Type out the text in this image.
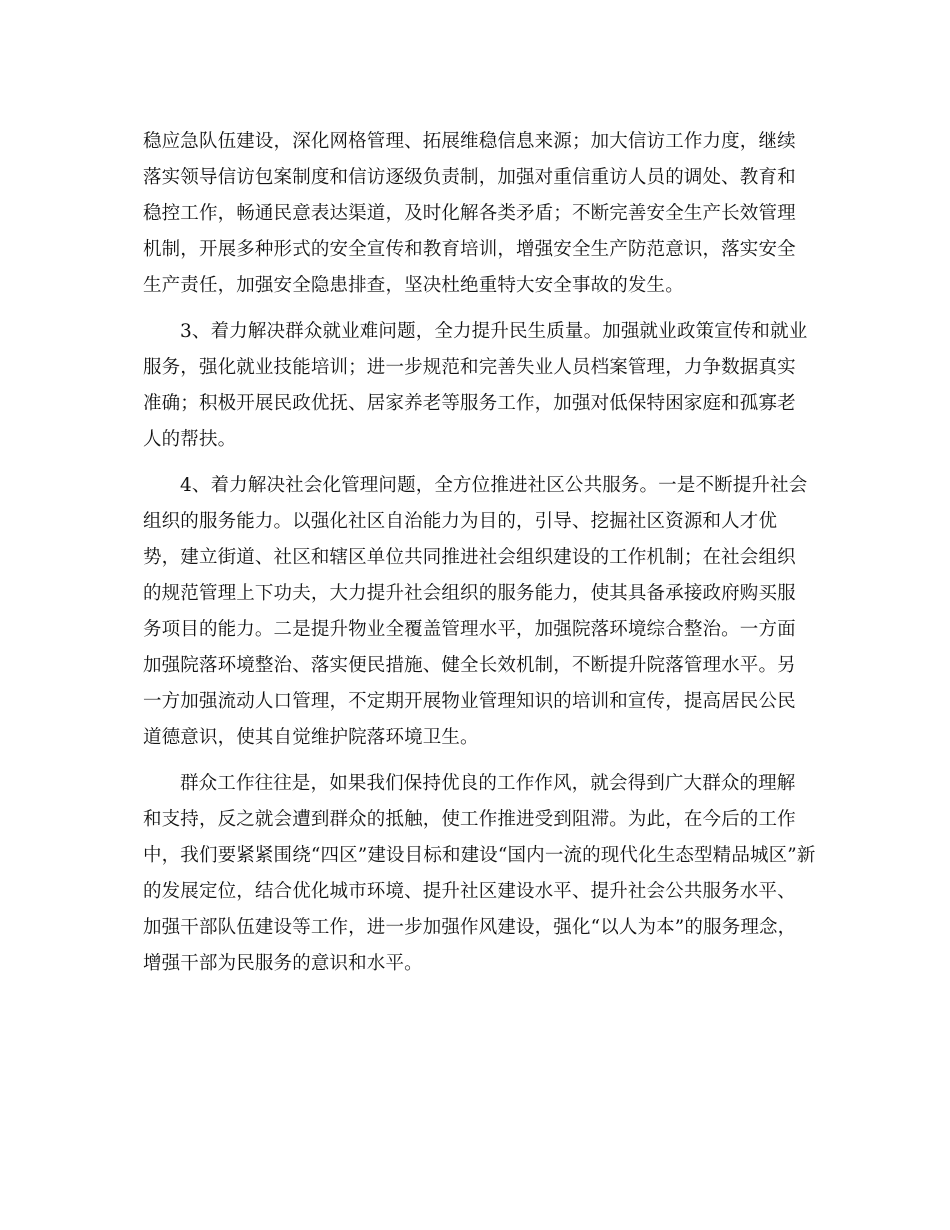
稳应急队伍建设，深化网格管理、拓展维稳信息来源；加大信访工作力度，继续
落实领导信访包案制度和信访逐级负责制，加强对重信重访人员的调处、教育和
稳控工作，畅通民意表达渠道，及时化解各类矛盾；不断完善安全生产长效管理
机制，开展多种形式的安全宣传和教育培训，增强安全生产防范意识，落实安全
生产责任，加强安全隐患排查，坚决杜绝重特大安全事故的发生。
3、着力解决群众就业难问题，全力提升民生质量。加强就业政策宣传和就业
服务，强化就业技能培训；进一步规范和完善失业人员档案管理，力争数据真实
准确；积极开展民政优抚、居家养老等服务工作，加强对低保特困家庭和孤寡老
人的帮扶。
4、着力解决社会化管理问题，全方位推进社区公共服务。一是不断提升社会
组织的服务能力。以强化社区自治能力为目的，引导、挖掘社区资源和人才优
势，建立街道、社区和辖区单位共同推进社会组织建设的工作机制；在社会组织
的规范管理上下功夫，大力提升社会组织的服务能力，使其具备承接政府购买服
务项目的能力。二是提升物业全覆盖管理水平，加强院落环境综合整治。一方面
加强院落环境整治、落实便民措施、健全长效机制，不断提升院落管理水平。另
一方加强流动人口管理，不定期开展物业管理知识的培训和宣传，提高居民公民
道德意识，使其自觉维护院落环境卫生。
群众工作往往是，如果我们保持优良的工作作风，就会得到广大群众的理解
和支持，反之就会遭到群众的抵触，使工作推进受到阻滞。为此，在今后的工作
中，我们要紧紧围绕“四区”建设目标和建设“国内一流的现代化生态型精品城区”新
的发展定位，结合优化城市环境、提升社区建设水平、提升社会公共服务水平、
加强干部队伍建设等工作，进一步加强作风建设，强化“以人为本”的服务理念，
增强干部为民服务的意识和水平。
